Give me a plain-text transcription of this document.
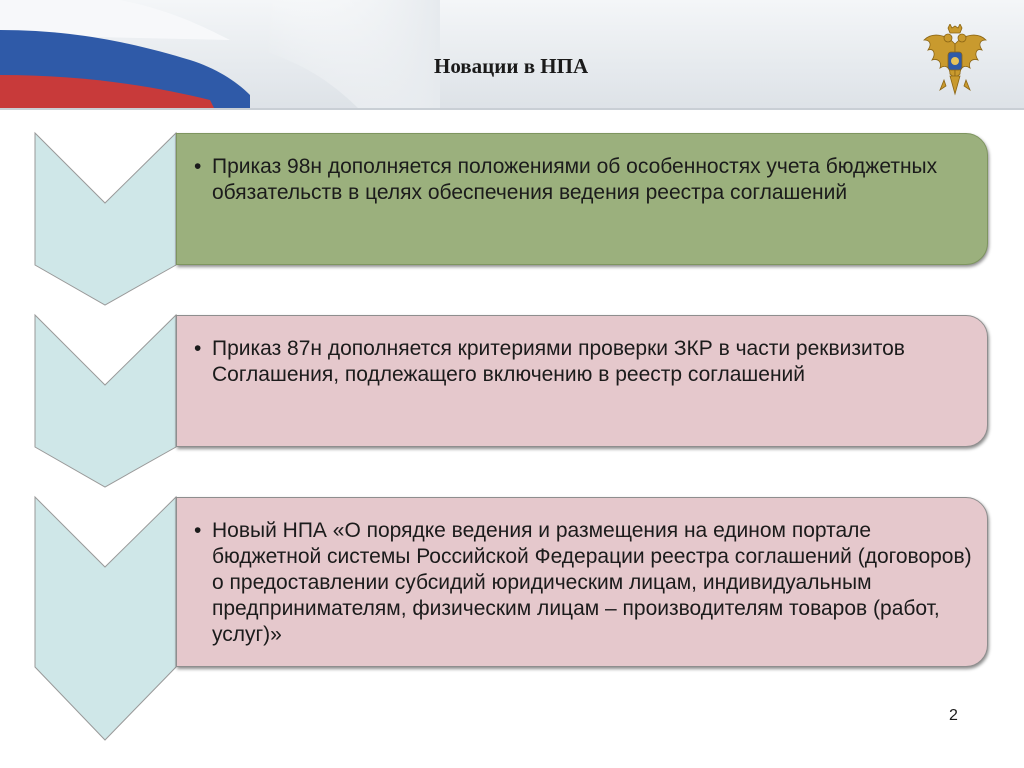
Новации в НПА
• Приказ 98н дополняется положениями об особенностях учета бюджетных обязательств в целях обеспечения ведения реестра соглашений
• Приказ 87н дополняется критериями проверки ЗКР в части реквизитов Соглашения, подлежащего включению в реестр соглашений
• Новый НПА «О порядке ведения и размещения на едином портале бюджетной системы Российской Федерации реестра соглашений (договоров) о предоставлении субсидий юридическим лицам, индивидуальным предпринимателям, физическим лицам – производителям товаров (работ, услуг)»
2
